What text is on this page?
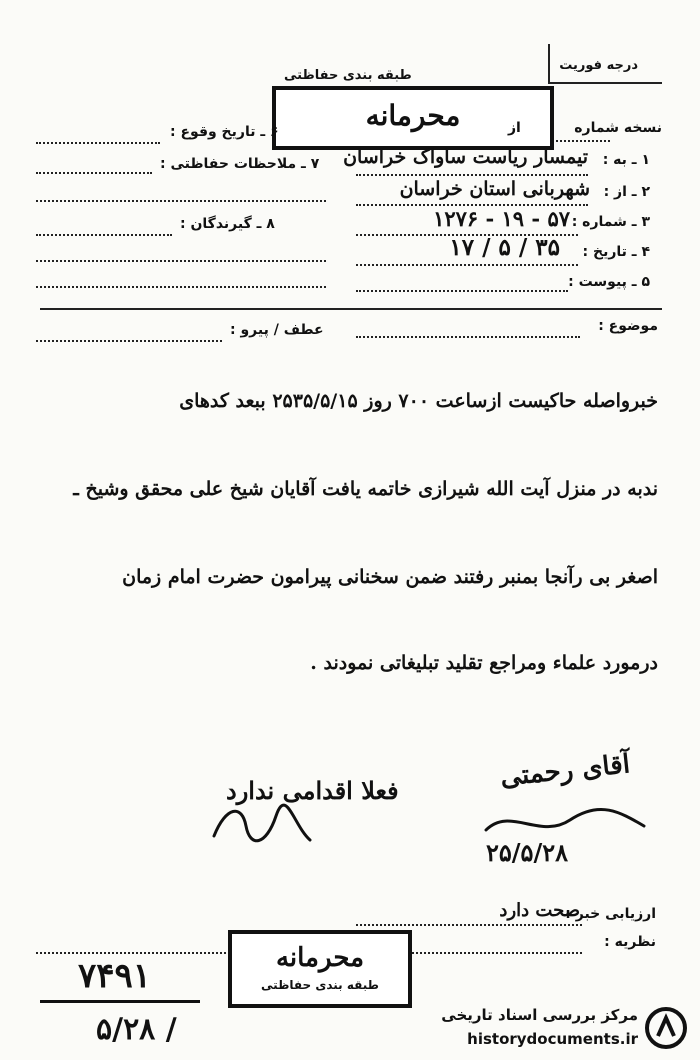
درجه فوریت
طبقه بندی حفاظتی
محرمانه	نسخه شماره
از
۶ ـ تاریخ وقوع :
۷ ـ ملاحظات حفاظتی :
۸ ـ گیرندگان :
۱ ـ به :
تیمسار ریاست ساواک خراسان
۲ ـ از :
شهربانی استان خراسان
۳ ـ شماره :
۵۷ - ۱۹ - ۱۲۷۶
۴ ـ تاریخ :
۳۵ / ۵ / ۱۷
۵ ـ پیوست :
موضوع :
عطف / پیرو :
خبرواصله حاکیست ازساعت ۷۰۰ روز ۲۵۳۵/۵/۱۵ ببعد کدهای
ندبه در منزل آیت الله شیرازی خاتمه یافت آقایان شیخ علی محقق وشیخ ـ
اصغر بی رآنجا بمنبر رفتند ضمن سخنانی پیرامون حضرت امام زمان
درمورد علماء ومراجع تقلید تبلیغاتی نمودند .
فعلا اقدامی ندارد	آقای رحمتی
۲۵/۵/۲۸
ارزیابی خبر :
صحت دارد
نظریه :
محرمانه
طبقه بندی حفاظتی
۷۴۹۱
۵/۲۸ /	مرکز بررسی اسناد تاریخی
historydocuments.ir
